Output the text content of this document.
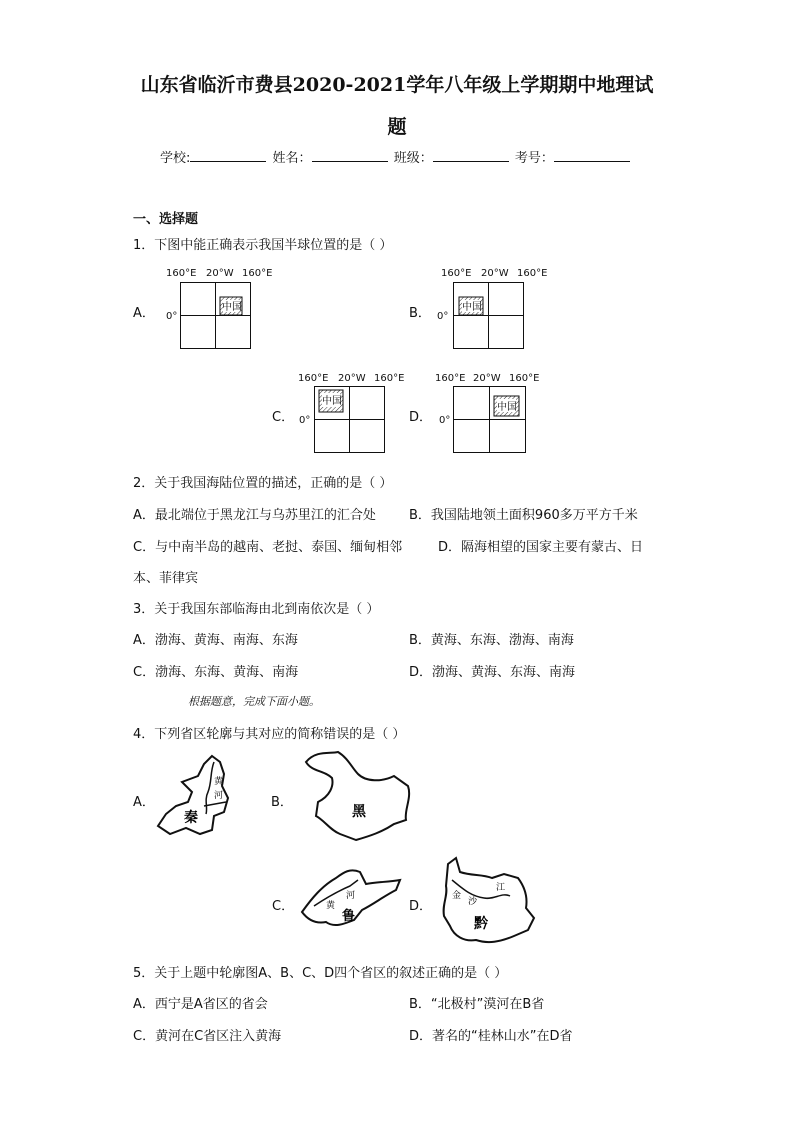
山东省临沂市费县2020-2021学年八年级上学期期中地理试
题
学校:	姓名：	班级：	考号：
一、选择题
1．下图中能正确表示我国半球位置的是（ ）
A．
160°E 20°W 160°E
0°
中国	B．
160°E 20°W 160°E
0°
中国
C．
160°E 20°W 160°E
0°
中国
D．
160°E 20°W 160°E
0°
中国
2．关于我国海陆位置的描述，正确的是（ ）
A．最北端位于黑龙江与乌苏里江的汇合处	B．我国陆地领土面积960多万平方千米
C．与中南半岛的越南、老挝、泰国、缅甸相邻	D．隔海相望的国家主要有蒙古、日
本、菲律宾
3．关于我国东部临海由北到南依次是（ ）
A．渤海、黄海、南海、东海	B．黄海、东海、渤海、南海
C．渤海、东海、黄海、南海	D．渤海、黄海、东海、南海
根据题意，完成下面小题。
4．下列省区轮廓与其对应的简称错误的是（ ）
A．
黄
河
秦
B．
黑
C．	黄
河
鲁
D．
金
沙
江
黔
5．关于上题中轮廓图A、B、C、D四个省区的叙述正确的是（ ）
A．西宁是A省区的省会	B．“北极村”漠河在B省
C．黄河在C省区注入黄海	D．著名的“桂林山水”在D省
